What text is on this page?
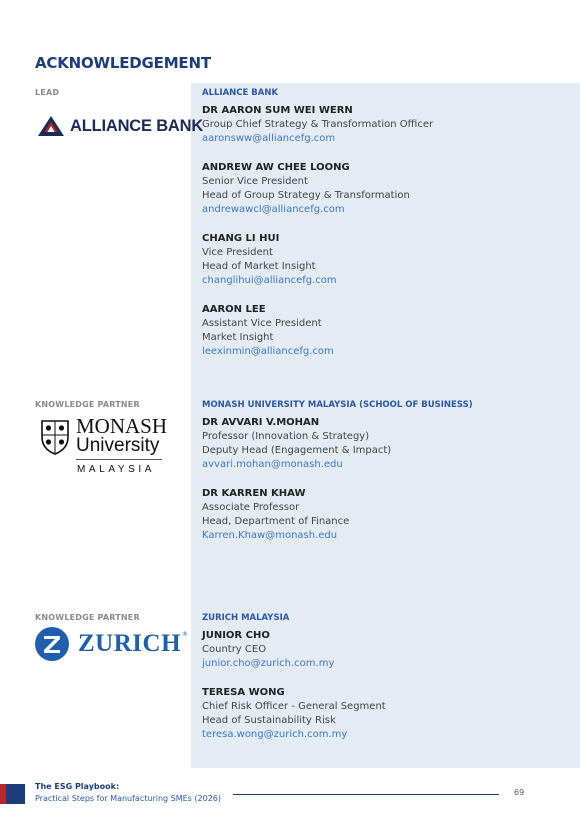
ACKNOWLEDGEMENT
LEAD
ALLIANCE BANK
ALLIANCE BANK
DR AARON SUM WEI WERN
Group Chief Strategy & Transformation Officer
aaronsww@alliancefg.com
ANDREW AW CHEE LOONG
Senior Vice President
Head of Group Strategy & Transformation
andrewawcl@alliancefg.com
CHANG LI HUI
Vice President
Head of Market Insight
changlihui@alliancefg.com
AARON LEE
Assistant Vice President
Market Insight
leexinmin@alliancefg.com
KNOWLEDGE PARTNER
MONASH
University
MALAYSIA
MONASH UNIVERSITY MALAYSIA (SCHOOL OF BUSINESS)
DR AVVARI V.MOHAN
Professor (Innovation & Strategy)
Deputy Head (Engagement & Impact)
avvari.mohan@monash.edu
DR KARREN KHAW
Associate Professor
Head, Department of Finance
Karren.Khaw@monash.edu
KNOWLEDGE PARTNER
ZURICH ®
ZURICH MALAYSIA
JUNIOR CHO
Country CEO
junior.cho@zurich.com.my
TERESA WONG
Chief Risk Officer - General Segment
Head of Sustainability Risk
teresa.wong@zurich.com.my
The ESG Playbook:
Practical Steps for Manufacturing SMEs (2026)
69
